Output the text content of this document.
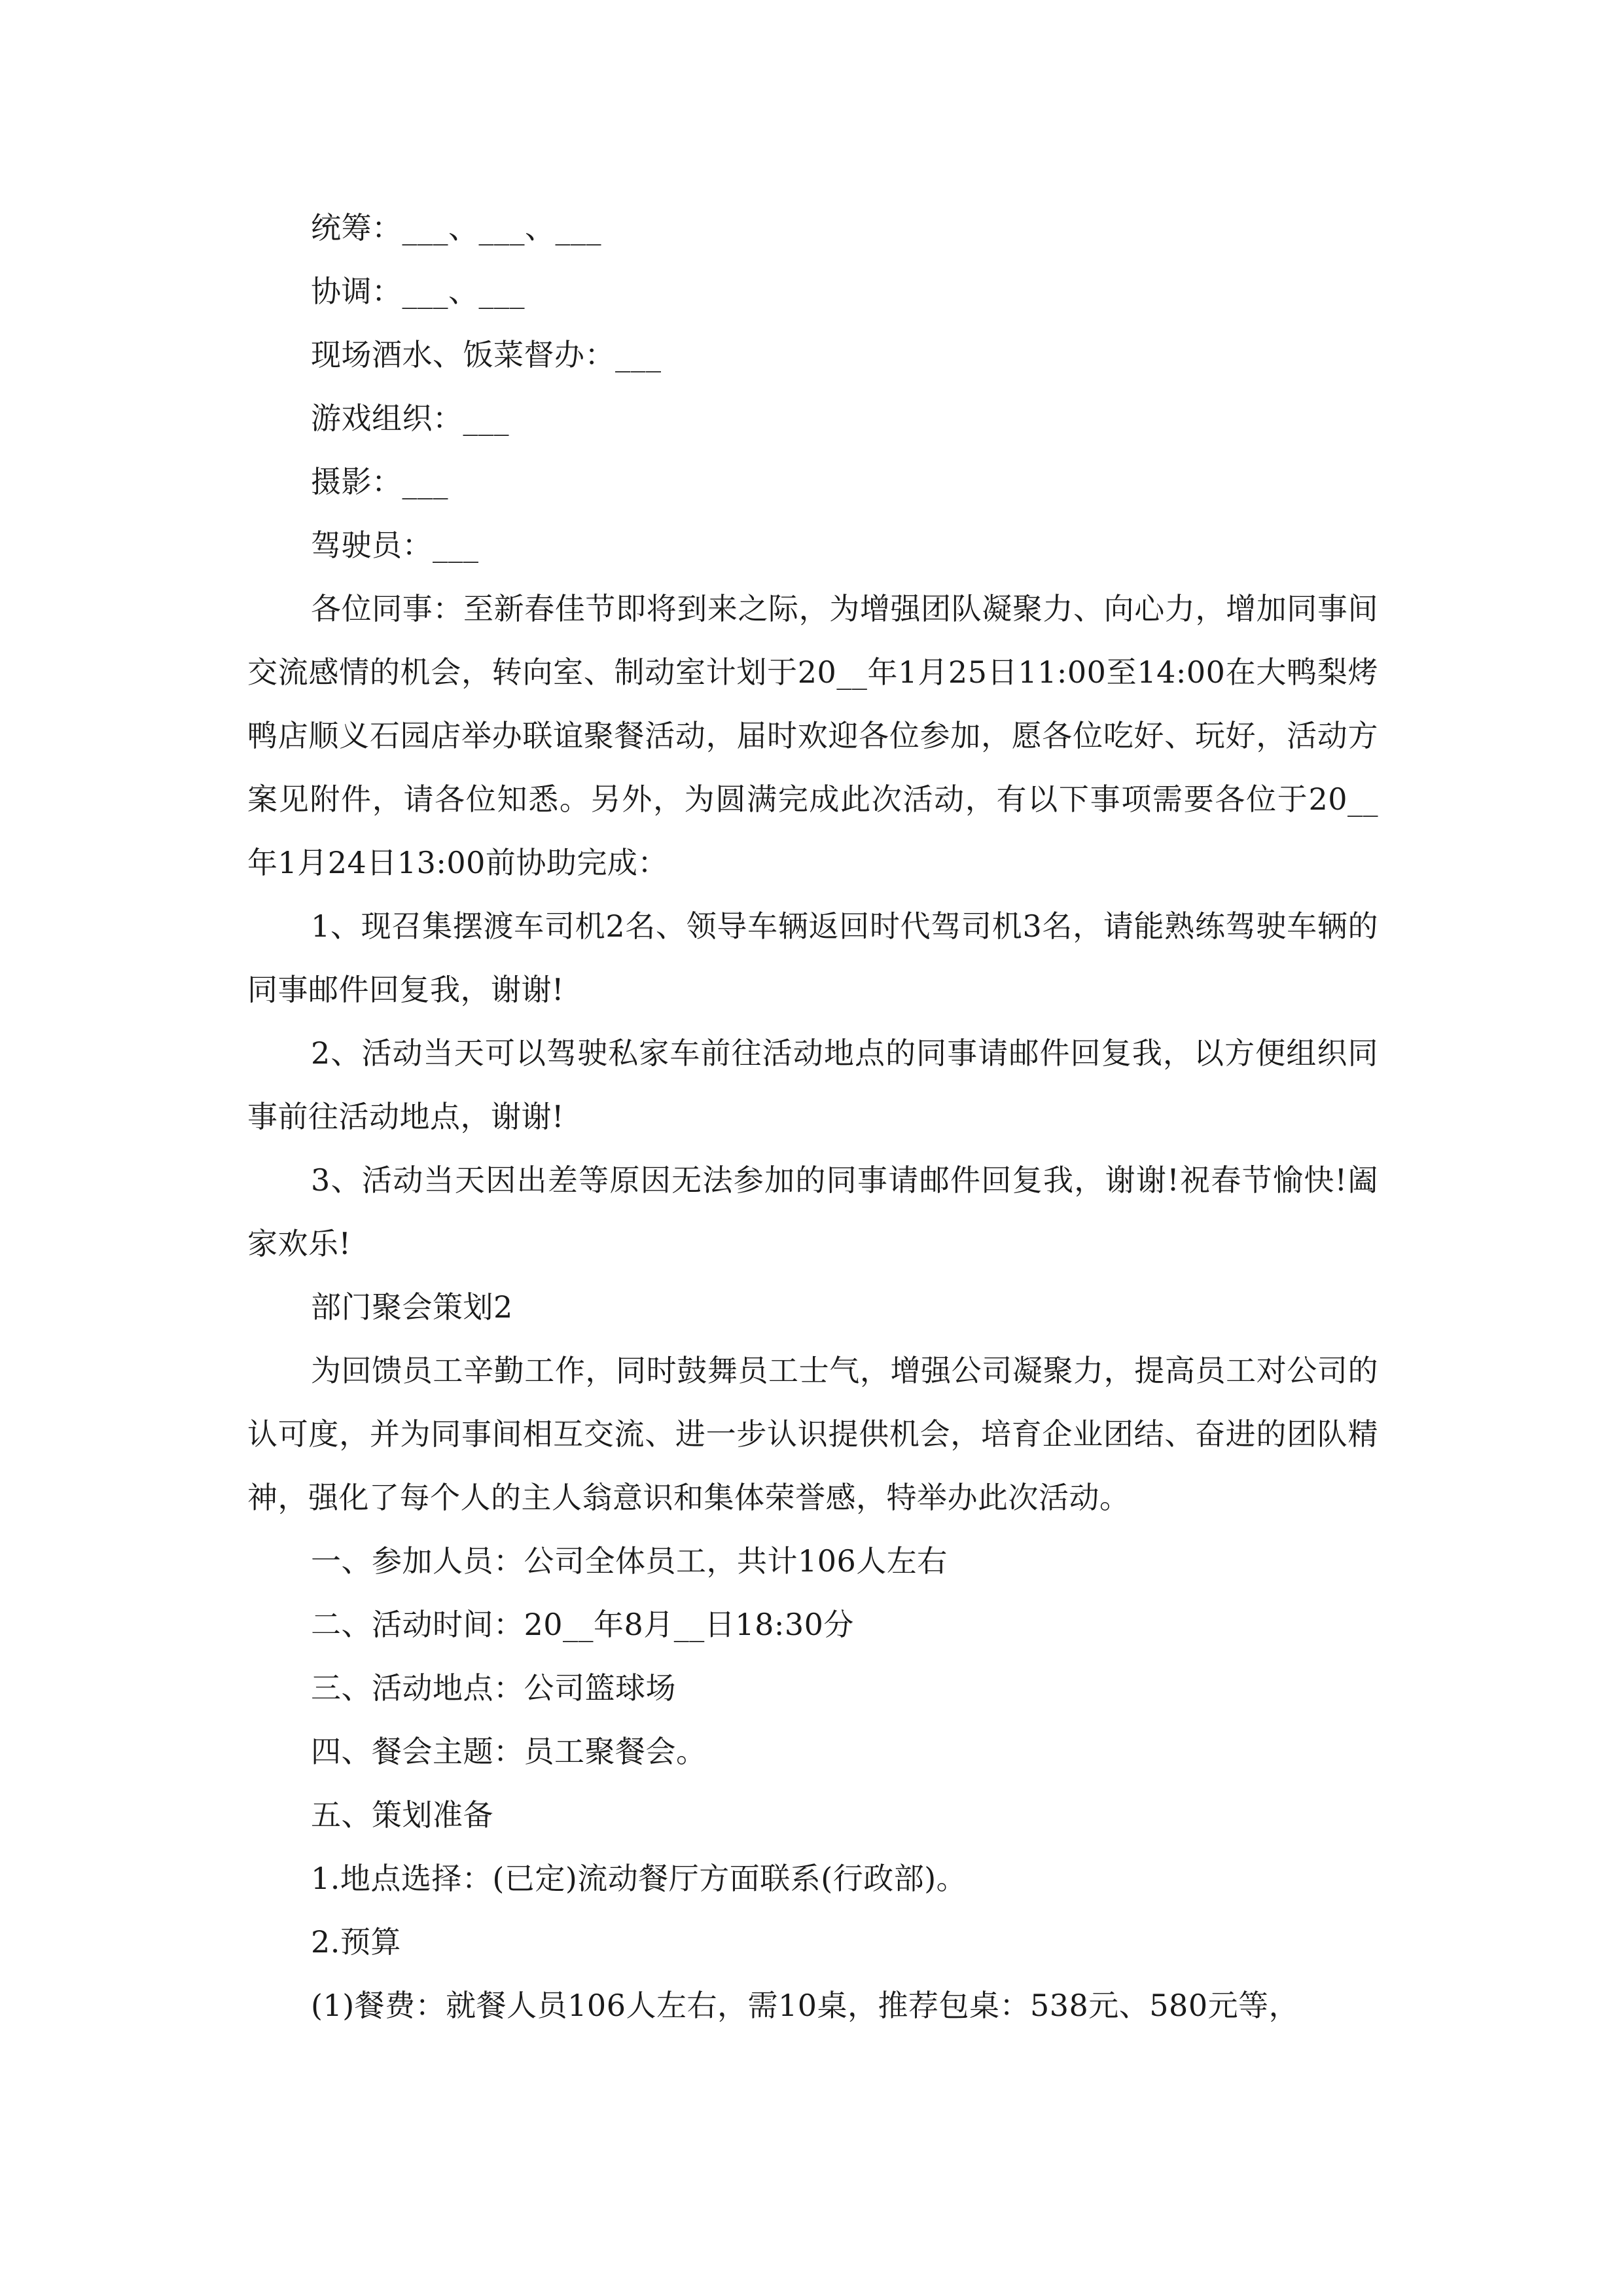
统筹：___、___、___

协调：___、___

现场酒水、饭菜督办：___

游戏组织：___

摄影：___

驾驶员：___

各位同事：至新春佳节即将到来之际，为增强团队凝聚力、向心力，增加同事间交流感情的机会，转向室、制动室计划于20__年1月25日11:00至14:00在大鸭梨烤鸭店顺义石园店举办联谊聚餐活动，届时欢迎各位参加，愿各位吃好、玩好，活动方案见附件，请各位知悉。另外，为圆满完成此次活动，有以下事项需要各位于20__年1月24日13:00前协助完成：

1、现召集摆渡车司机2名、领导车辆返回时代驾司机3名，请能熟练驾驶车辆的同事邮件回复我，谢谢!

2、活动当天可以驾驶私家车前往活动地点的同事请邮件回复我，以方便组织同事前往活动地点，谢谢!

3、活动当天因出差等原因无法参加的同事请邮件回复我，谢谢!祝春节愉快!阖家欢乐!

部门聚会策划2

为回馈员工辛勤工作，同时鼓舞员工士气，增强公司凝聚力，提高员工对公司的认可度，并为同事间相互交流、进一步认识提供机会，培育企业团结、奋进的团队精神，强化了每个人的主人翁意识和集体荣誉感，特举办此次活动。

一、参加人员：公司全体员工，共计106人左右

二、活动时间：20__年8月__日18:30分

三、活动地点：公司篮球场

四、餐会主题：员工聚餐会。

五、策划准备

1.地点选择：(已定)流动餐厅方面联系(行政部)。

2.预算

(1)餐费：就餐人员106人左右，需10桌，推荐包桌：538元、580元等，
